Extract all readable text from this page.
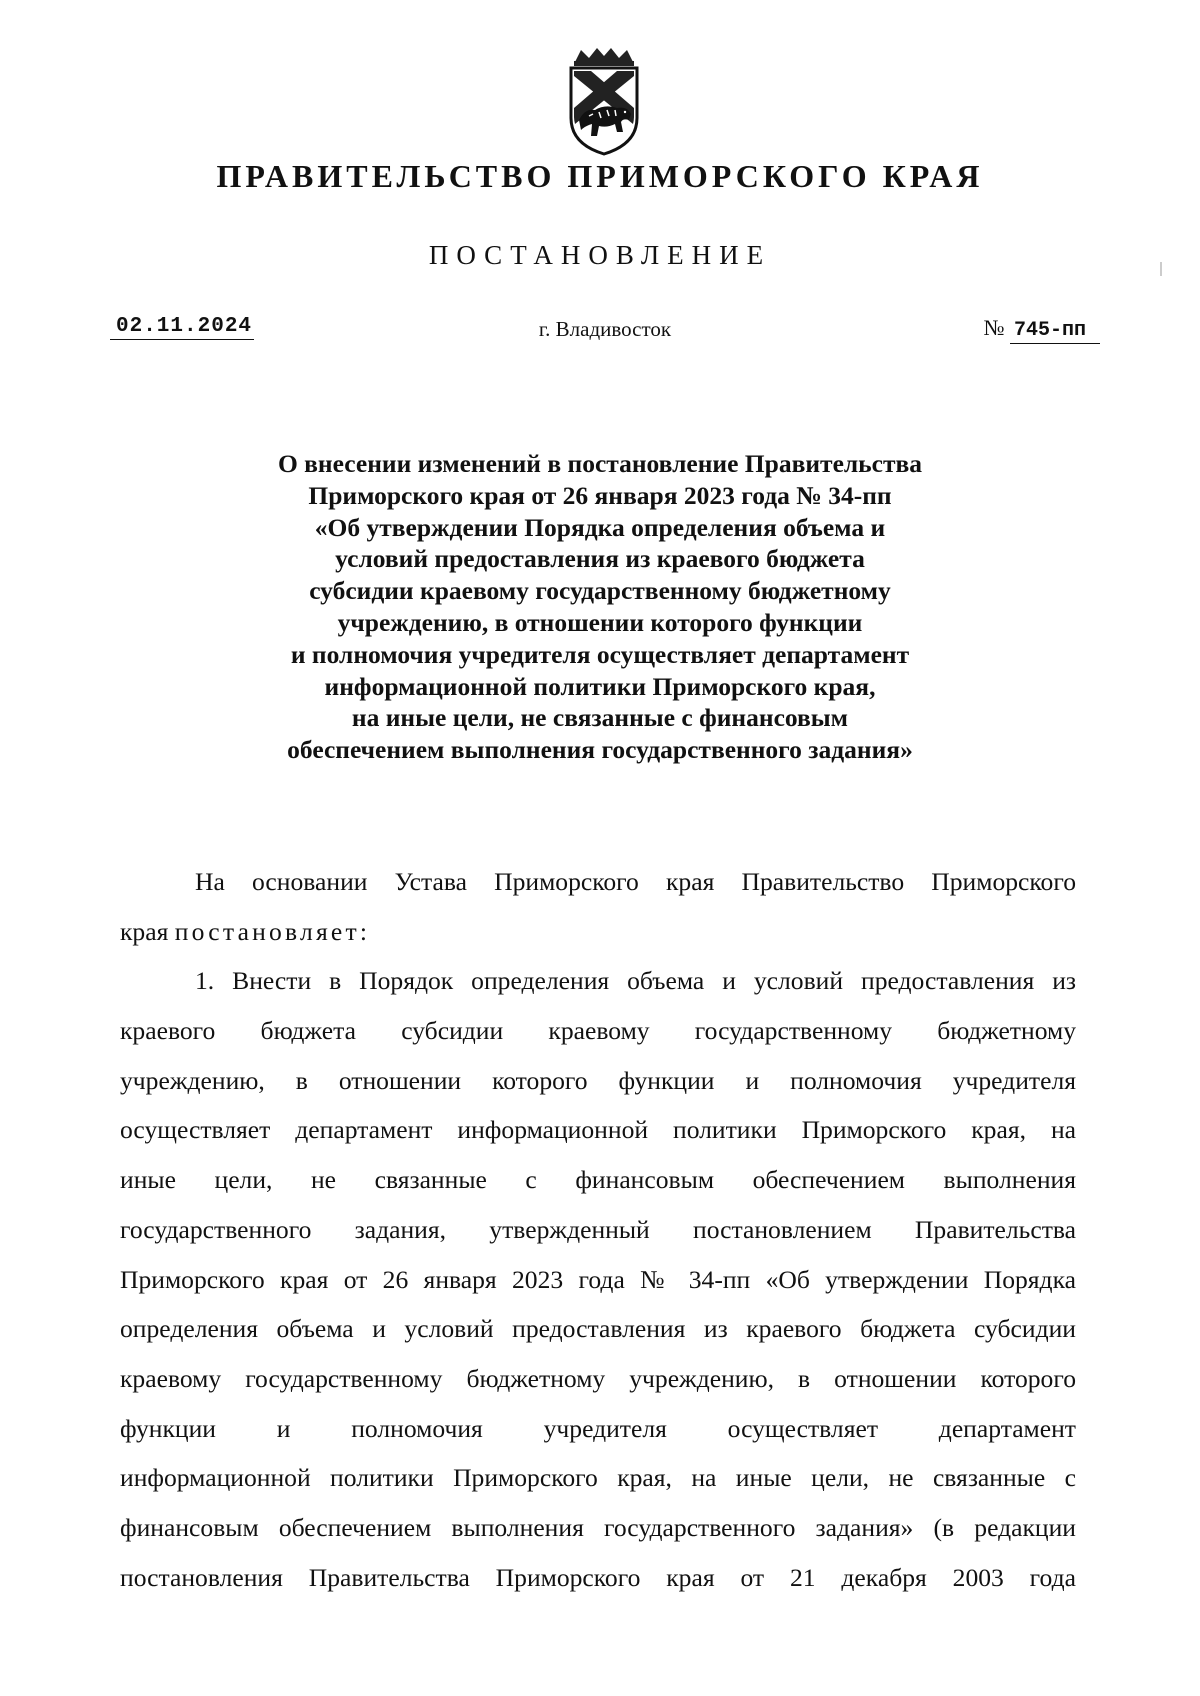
ПРАВИТЕЛЬСТВО ПРИМОРСКОГО КРАЯ
ПОСТАНОВЛЕНИЕ
02.11.2024	г. Владивосток	№ 745-пп
О внесении изменений в постановление Правительства
Приморского края от 26 января 2023 года № 34-пп
«Об утверждении Порядка определения объема и
условий предоставления из краевого бюджета
субсидии краевому государственному бюджетному
учреждению, в отношении которого функции
и полномочия учредителя осуществляет департамент
информационной политики Приморского края,
на иные цели, не связанные с финансовым
обеспечением выполнения государственного задания»
На основании Устава Приморского края Правительство Приморского
края постановляет:
1. Внести в Порядок определения объема и условий предоставления из
краевого бюджета субсидии краевому государственному бюджетному
учреждению, в отношении которого функции и полномочия учредителя
осуществляет департамент информационной политики Приморского края, на
иные цели, не связанные с финансовым обеспечением выполнения
государственного задания, утвержденный постановлением Правительства
Приморского края от 26 января 2023 года № 34-пп «Об утверждении Порядка
определения объема и условий предоставления из краевого бюджета субсидии
краевому государственному бюджетному учреждению, в отношении которого
функции и полномочия учредителя осуществляет департамент
информационной политики Приморского края, на иные цели, не связанные с
финансовым обеспечением выполнения государственного задания» (в редакции
постановления Правительства Приморского края от 21 декабря 2003 года
